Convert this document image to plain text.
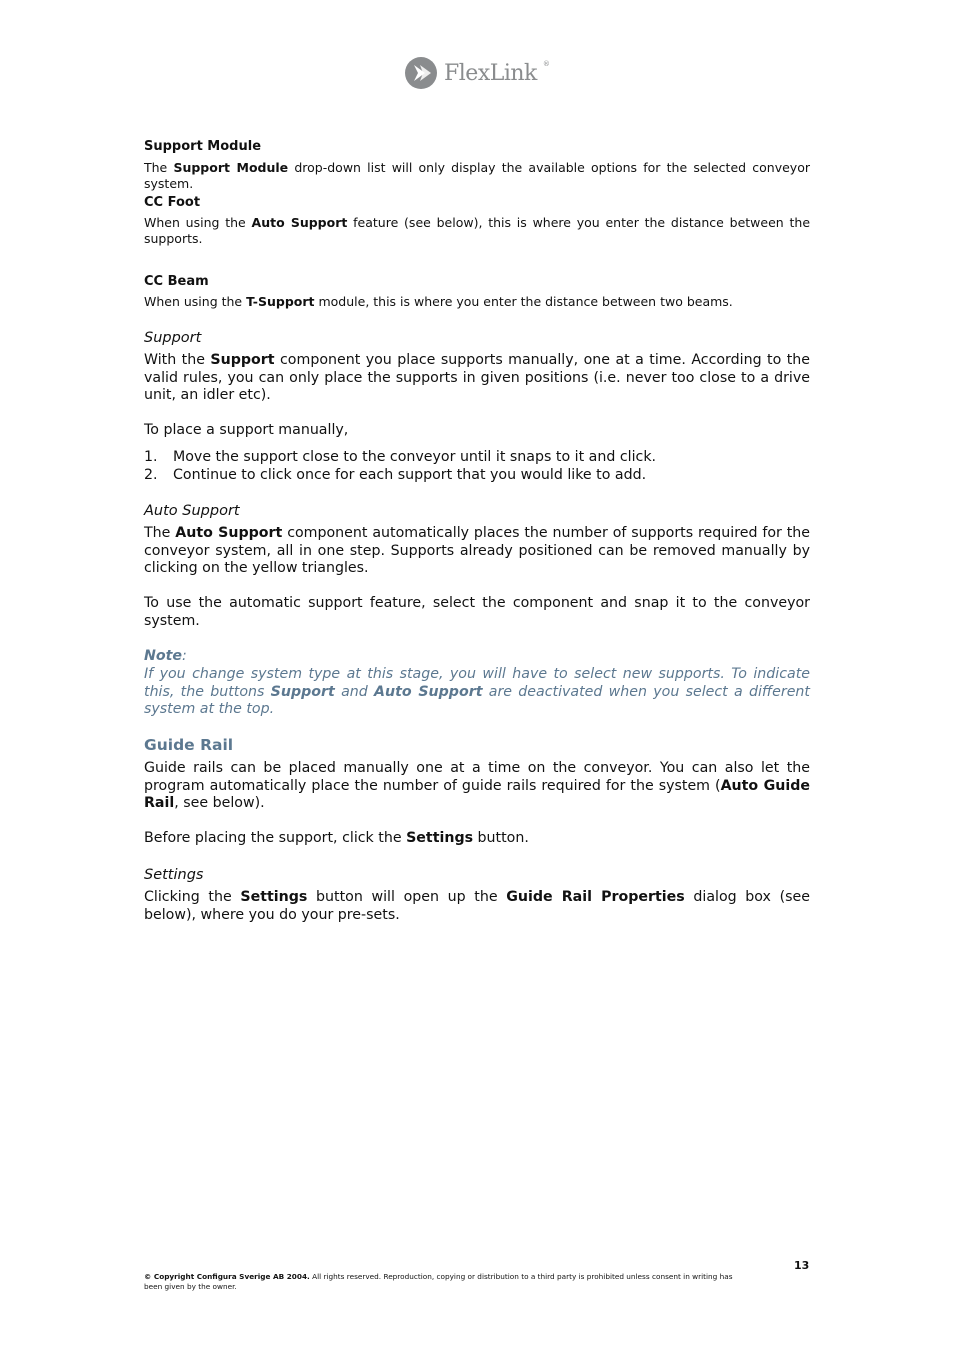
FlexLink ®
Support Module
The Support Module drop-down list will only display the available options for the selected conveyor system.
CC Foot
When using the Auto Support feature (see below), this is where you enter the distance between the supports.
CC Beam
When using the T-Support module, this is where you enter the distance between two beams.
Support
With the Support component you place supports manually, one at a time. According to the valid rules, you can only place the supports in given positions (i.e. never too close to a drive unit, an idler etc).
To place a support manually,
1.	Move the support close to the conveyor until it snaps to it and click.
2.	Continue to click once for each support that you would like to add.
Auto Support
The Auto Support component automatically places the number of supports required for the conveyor system, all in one step. Supports already positioned can be removed manually by clicking on the yellow triangles.
To use the automatic support feature, select the component and snap it to the conveyor system.
Note:
If you change system type at this stage, you will have to select new supports. To indicate this, the buttons Support and Auto Support are deactivated when you select a different system at the top.
Guide Rail
Guide rails can be placed manually one at a time on the conveyor. You can also let the program automatically place the number of guide rails required for the system (Auto Guide Rail, see below).
Before placing the support, click the Settings button.
Settings
Clicking the Settings button will open up the Guide Rail Properties dialog box (see below), where you do your pre-sets.
13
© Copyright Configura Sverige AB 2004. All rights reserved. Reproduction, copying or distribution to a third party is prohibited unless consent in writing has been given by the owner.
